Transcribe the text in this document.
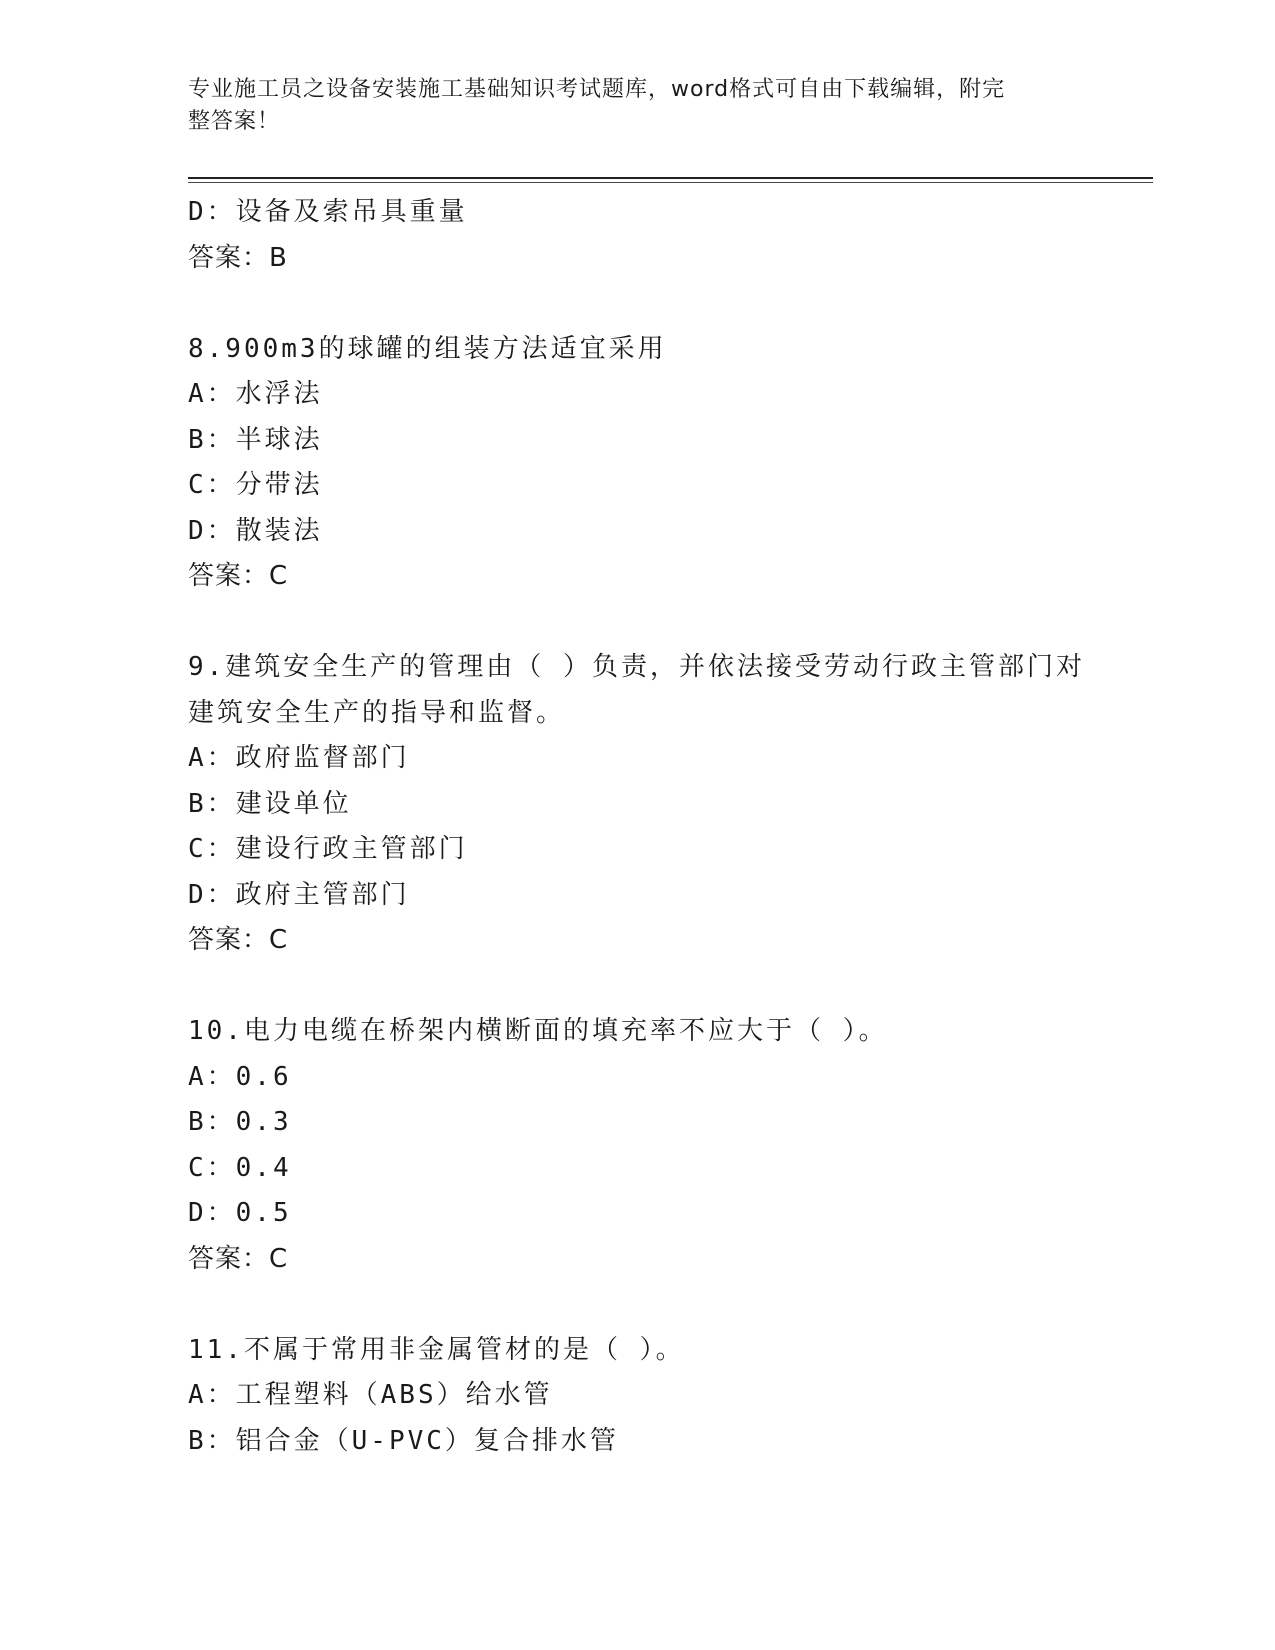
专业施工员之设备安装施工基础知识考试题库，word格式可自由下载编辑，附完
整答案！
D：设备及索吊具重量
答案：B
8.900m3的球罐的组装方法适宜采用
A：水浮法
B：半球法
C：分带法
D：散装法
答案：C
9.建筑安全生产的管理由（ ）负责，并依法接受劳动行政主管部门对
建筑安全生产的指导和监督。
A：政府监督部门
B：建设单位
C：建设行政主管部门
D：政府主管部门
答案：C
10.电力电缆在桥架内横断面的填充率不应大于（ ）。
A：0.6
B：0.3
C：0.4
D：0.5
答案：C
11.不属于常用非金属管材的是（ ）。
A：工程塑料（ABS）给水管
B：铝合金（U-PVC）复合排水管
